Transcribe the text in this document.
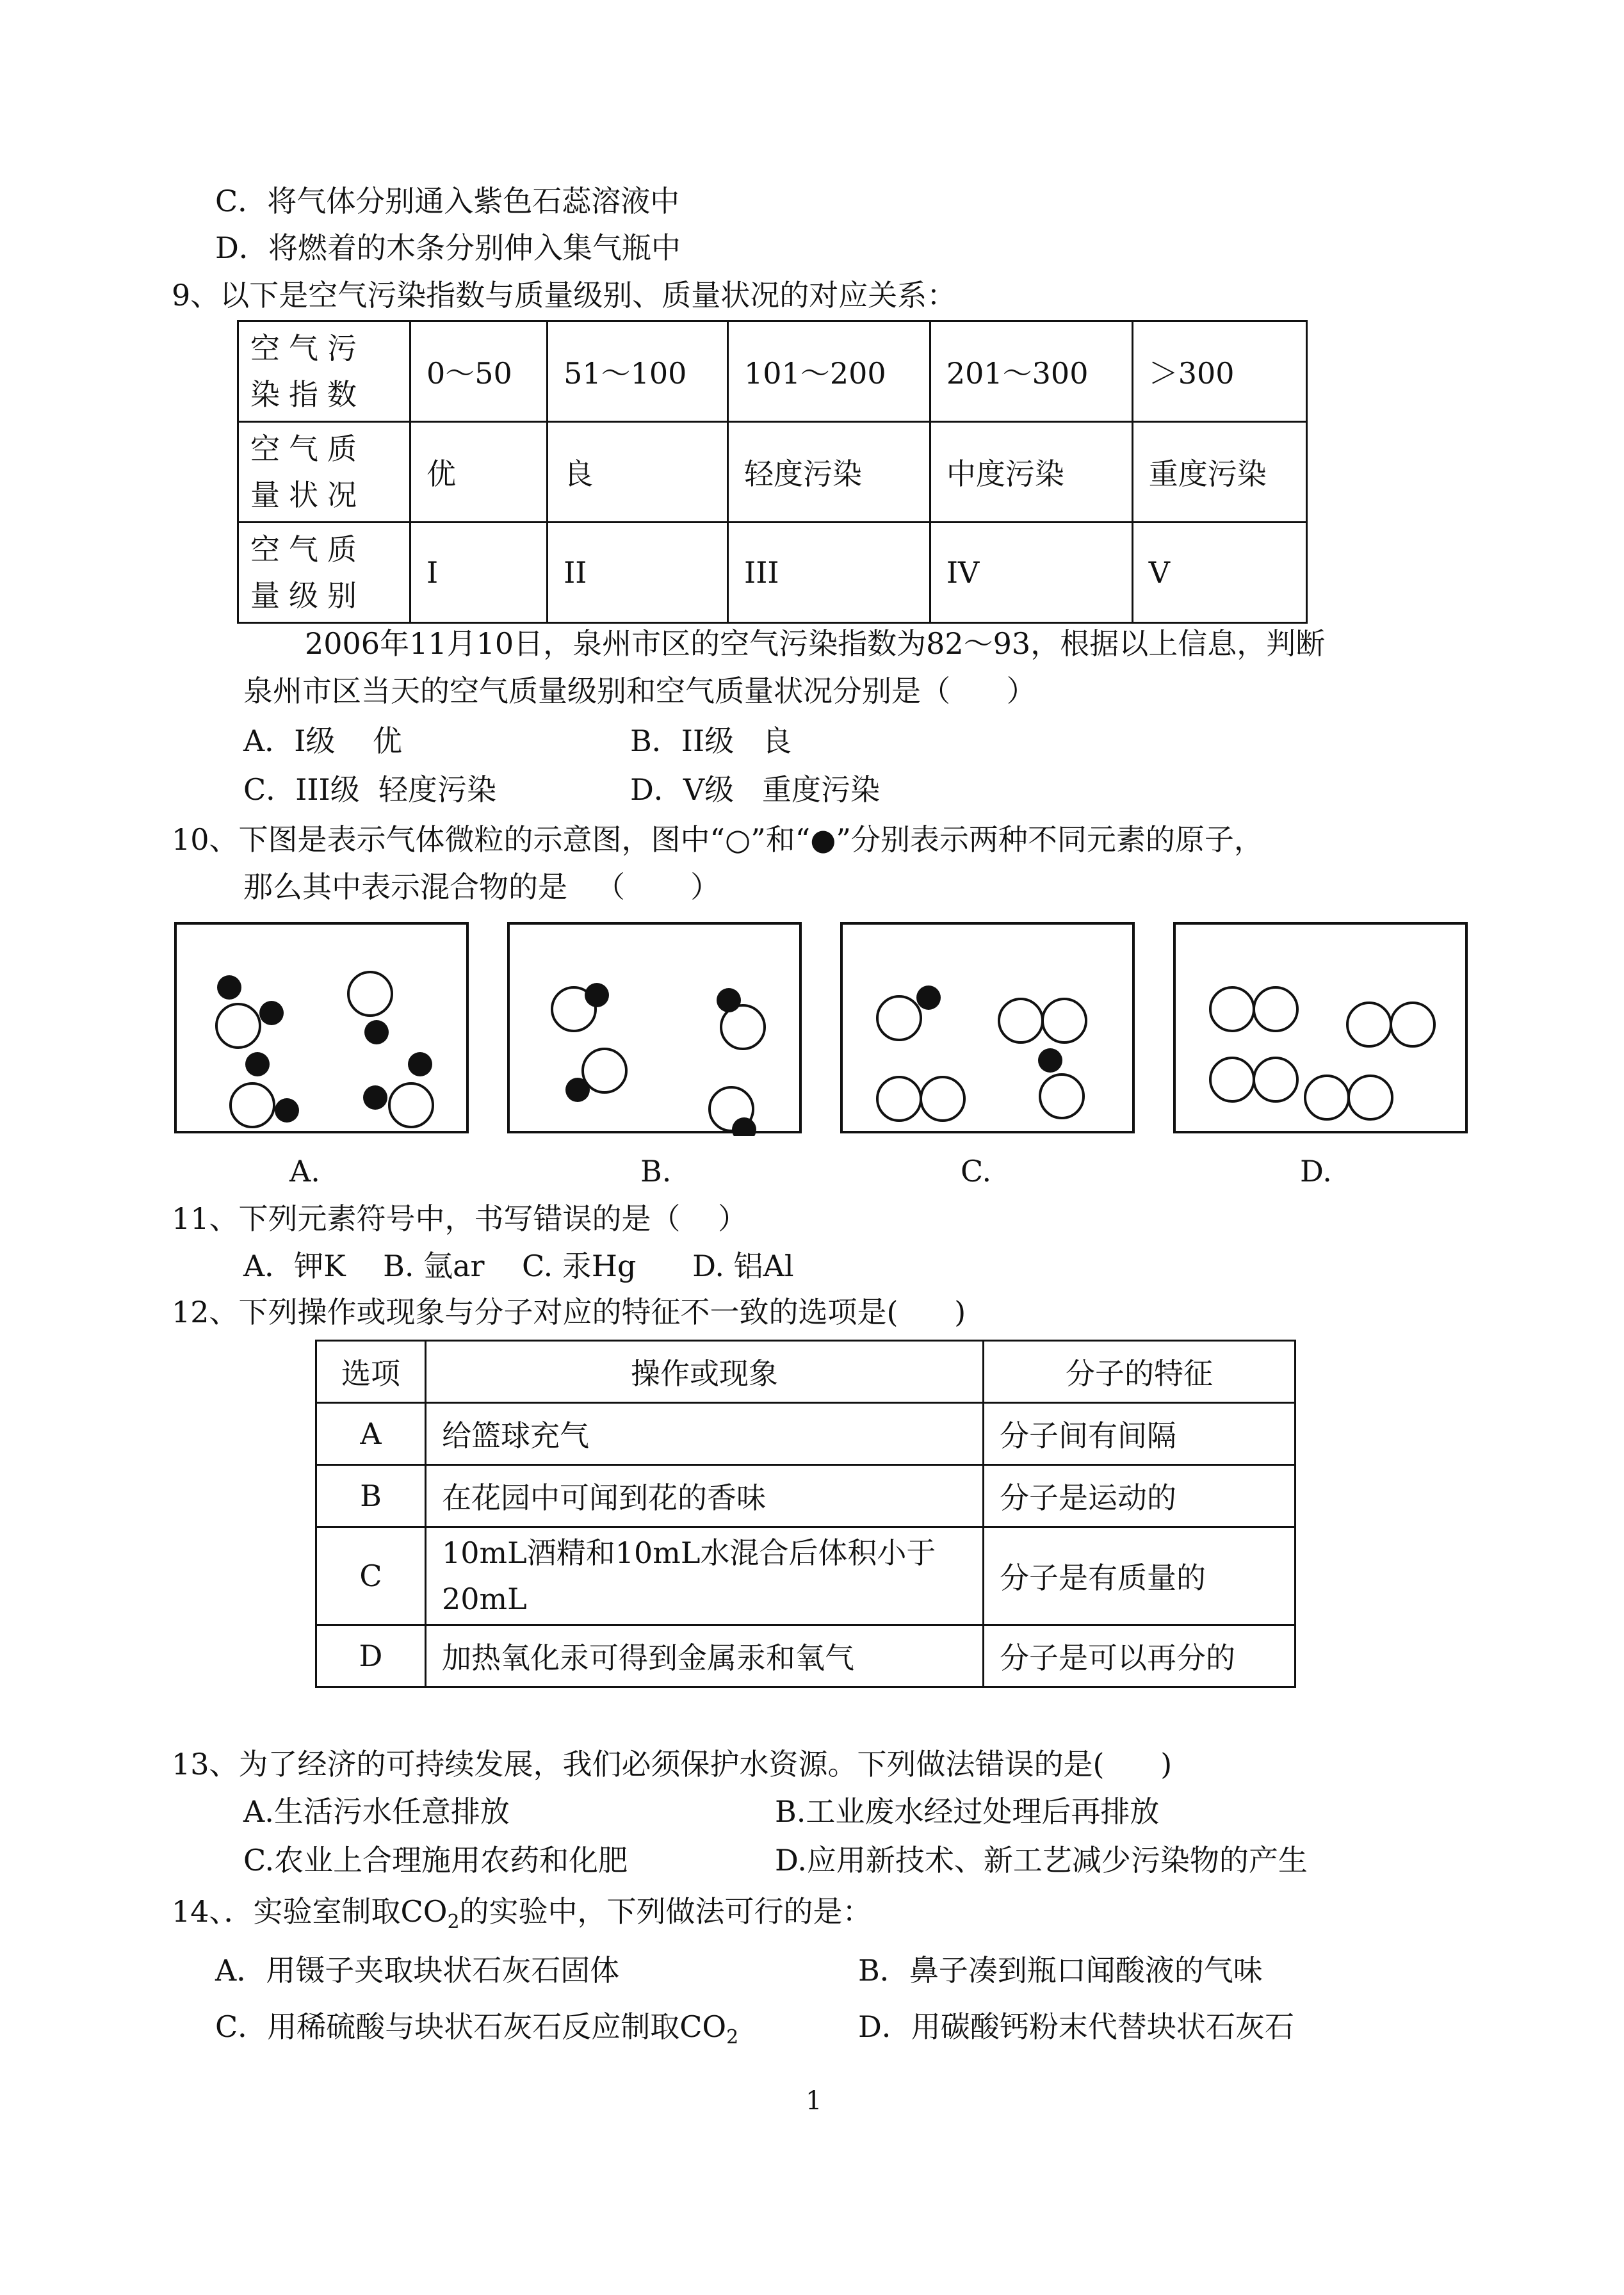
C．将气体分别通入紫色石蕊溶液中
D．将燃着的木条分别伸入集气瓶中
9、以下是空气污染指数与质量级别、质量状况的对应关系：
空气污染指数	0～50	51～100	101～200	201～300	＞300
空气质量状况	优	良	轻度污染	中度污染	重度污染
空气质量级别	I	II	III	IV	V
2006年11月10日，泉州市区的空气污染指数为82～93，根据以上信息，判断
泉州市区当天的空气质量级别和空气质量状况分别是（      ）
A．I级    优	B．II级   良
C．III级  轻度污染	D．V级   重度污染
10、下图是表示气体微粒的示意图，图中“○”和“●”分别表示两种不同元素的原子，
那么其中表示混合物的是   （       ）
A.	B.	C.	D.
11、下列元素符号中，书写错误的是（    ）
A．钾K    B. 氩ar    C. 汞Hg      D. 铝Al
12、下列操作或现象与分子对应的特征不一致的选项是(      )
选项	操作或现象	分子的特征
A	给篮球充气	分子间有间隔
B	在花园中可闻到花的香味	分子是运动的
C	10mL酒精和10mL水混合后体积小于20mL	分子是有质量的
D	加热氧化汞可得到金属汞和氧气	分子是可以再分的
13、为了经济的可持续发展，我们必须保护水资源。下列做法错误的是(      )
A.生活污水任意排放	B.工业废水经过处理后再排放
C.农业上合理施用农药和化肥	D.应用新技术、新工艺减少污染物的产生
14、．实验室制取$CO_2$的实验中，下列做法可行的是：
A．用镊子夹取块状石灰石固体	B．鼻子凑到瓶口闻酸液的气味
C．用稀硫酸与块状石灰石反应制取$CO_2$	D．用碳酸钙粉末代替块状石灰石
1
